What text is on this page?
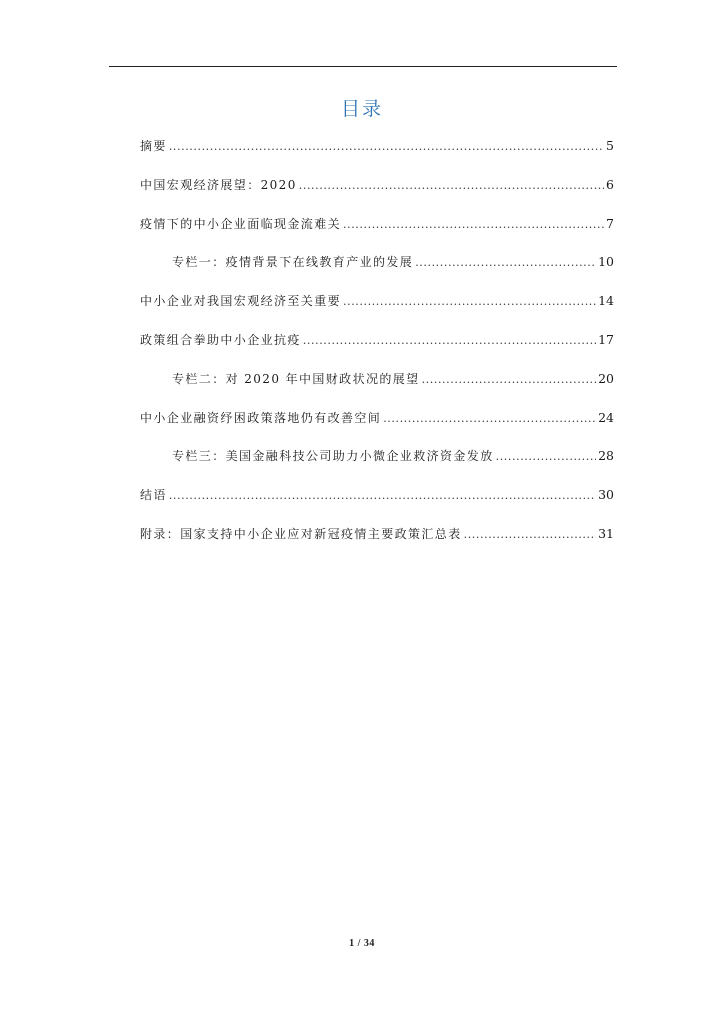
目录
摘要 .....	5
中国宏观经济展望：2020 .....	6
疫情下的中小企业面临现金流难关 .....	7
专栏一：疫情背景下在线教育产业的发展 .....	10
中小企业对我国宏观经济至关重要 .....	14
政策组合拳助中小企业抗疫 .....	17
专栏二：对 2020 年中国财政状况的展望 .....	20
中小企业融资纾困政策落地仍有改善空间 .....	24
专栏三：美国金融科技公司助力小微企业救济资金发放 .....	28
结语 .....	30
附录：国家支持中小企业应对新冠疫情主要政策汇总表 .....	31
1 / 34
